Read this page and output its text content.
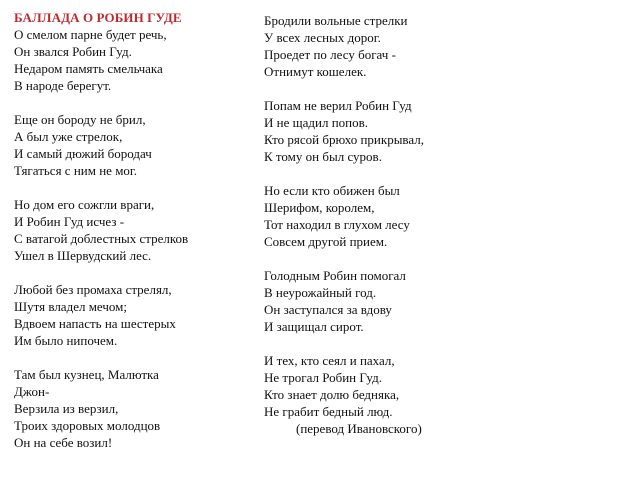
БАЛЛАДА О РОБИН ГУДЕ
О смелом парне будет речь,
Он звался Робин Гуд.
Недаром память смельчака
В народе берегут.
Еще он бороду не брил,
А был уже стрелок,
И самый дюжий бородач
Тягаться с ним не мог.
Но дом его сожгли враги,
И Робин Гуд исчез -
С ватагой доблестных стрелков
Ушел в Шервудский лес.
Любой без промаха стрелял,
Шутя владел мечом;
Вдвоем напасть на шестерых
Им было нипочем.
Там был кузнец, Малютка
Джон-
Верзила из верзил,
Троих здоровых молодцов
Он на себе возил!
Бродили вольные стрелки
У всех лесных дорог.
Проедет по лесу богач -
Отнимут кошелек.
Попам не верил Робин Гуд
И не щадил попов.
Кто рясой брюхо прикрывал,
К тому он был суров.
Но если кто обижен был
Шерифом, королем,
Тот находил в глухом лесу
Совсем другой прием.
Голодным Робин помогал
В неурожайный год.
Он заступался за вдову
И защищал сирот.
И тех, кто сеял и пахал,
Не трогал Робин Гуд.
Кто знает долю бедняка,
Не грабит бедный люд.
(перевод Ивановского)
